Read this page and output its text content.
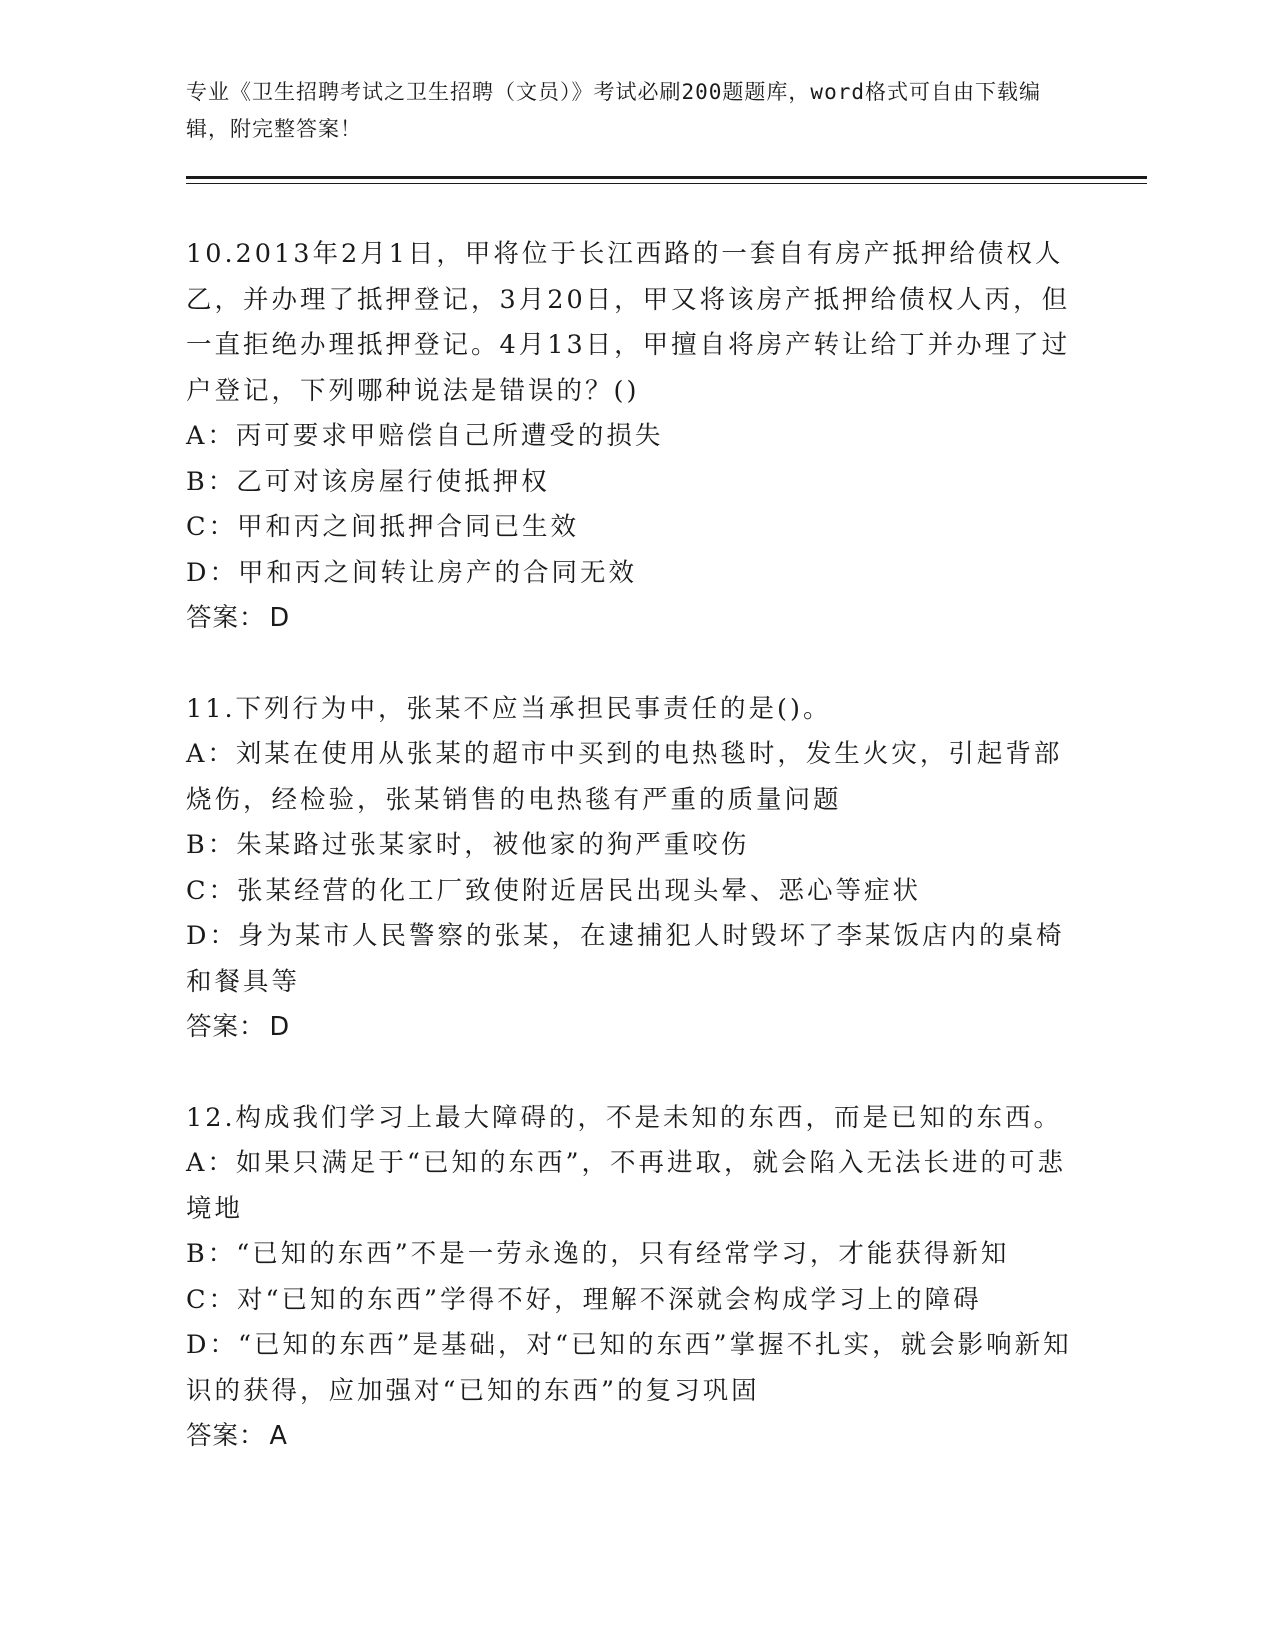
专业《卫生招聘考试之卫生招聘（文员）》考试必刷200题题库，word格式可自由下载编辑，附完整答案！

10.2013年2月1日，甲将位于长江西路的一套自有房产抵押给债权人乙，并办理了抵押登记，3月20日，甲又将该房产抵押给债权人丙，但一直拒绝办理抵押登记。4月13日，甲擅自将房产转让给丁并办理了过户登记，下列哪种说法是错误的？()

A：丙可要求甲赔偿自己所遭受的损失

B：乙可对该房屋行使抵押权

C：甲和丙之间抵押合同已生效

D：甲和丙之间转让房产的合同无效

答案： D

11.下列行为中，张某不应当承担民事责任的是()。

A：刘某在使用从张某的超市中买到的电热毯时，发生火灾，引起背部烧伤，经检验，张某销售的电热毯有严重的质量问题

B：朱某路过张某家时，被他家的狗严重咬伤

C：张某经营的化工厂致使附近居民出现头晕、恶心等症状

D：身为某市人民警察的张某，在逮捕犯人时毁坏了李某饭店内的桌椅和餐具等

答案： D

12.构成我们学习上最大障碍的，不是未知的东西，而是已知的东西。

A：如果只满足于“已知的东西”，不再进取，就会陷入无法长进的可悲境地

B：“已知的东西”不是一劳永逸的，只有经常学习，才能获得新知

C：对“已知的东西”学得不好，理解不深就会构成学习上的障碍

D：“已知的东西”是基础，对“已知的东西”掌握不扎实，就会影响新知识的获得，应加强对“已知的东西”的复习巩固

答案： A
